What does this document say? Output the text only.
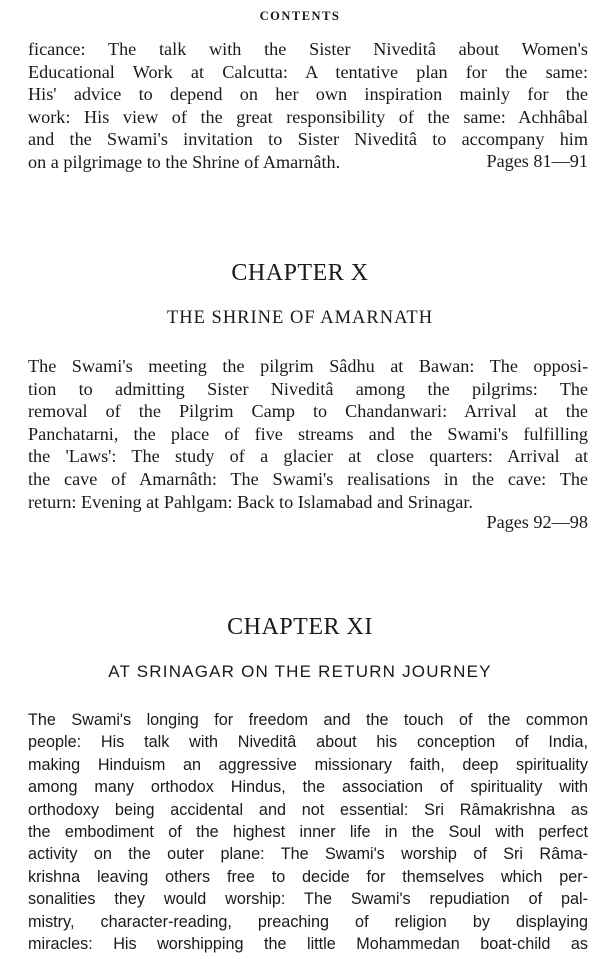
CONTENTS
ficance: The talk with the Sister Niveditâ about Women's
Educational Work at Calcutta: A tentative plan for the same:
His' advice to depend on her own inspiration mainly for the
work: His view of the great responsibility of the same: Achhâbal
and the Swami's invitation to Sister Niveditâ to accompany him
on a pilgrimage to the Shrine of Amarnâth.	Pages 81—91
CHAPTER X
THE SHRINE OF AMARNATH
The Swami's meeting the pilgrim Sâdhu at Bawan: The opposi-
tion to admitting Sister Niveditâ among the pilgrims: The
removal of the Pilgrim Camp to Chandanwari: Arrival at the
Panchatarni, the place of five streams and the Swami's fulfilling
the 'Laws': The study of a glacier at close quarters: Arrival at
the cave of Amarnâth: The Swami's realisations in the cave: The
return: Evening at Pahlgam: Back to Islamabad and Srinagar.
Pages 92—98
CHAPTER XI
AT SRINAGAR ON THE RETURN JOURNEY
The Swami's longing for freedom and the touch of the common
people: His talk with Niveditâ about his conception of India,
making Hinduism an aggressive missionary faith, deep spirituality
among many orthodox Hindus, the association of spirituality with
orthodoxy being accidental and not essential: Sri Râmakrishna as
the embodiment of the highest inner life in the Soul with perfect
activity on the outer plane: The Swami's worship of Sri Râma-
krishna leaving others free to decide for themselves which per-
sonalities they would worship: The Swami's repudiation of pal-
mistry, character-reading, preaching of religion by displaying
miracles: His worshipping the little Mohammedan boat-child as
